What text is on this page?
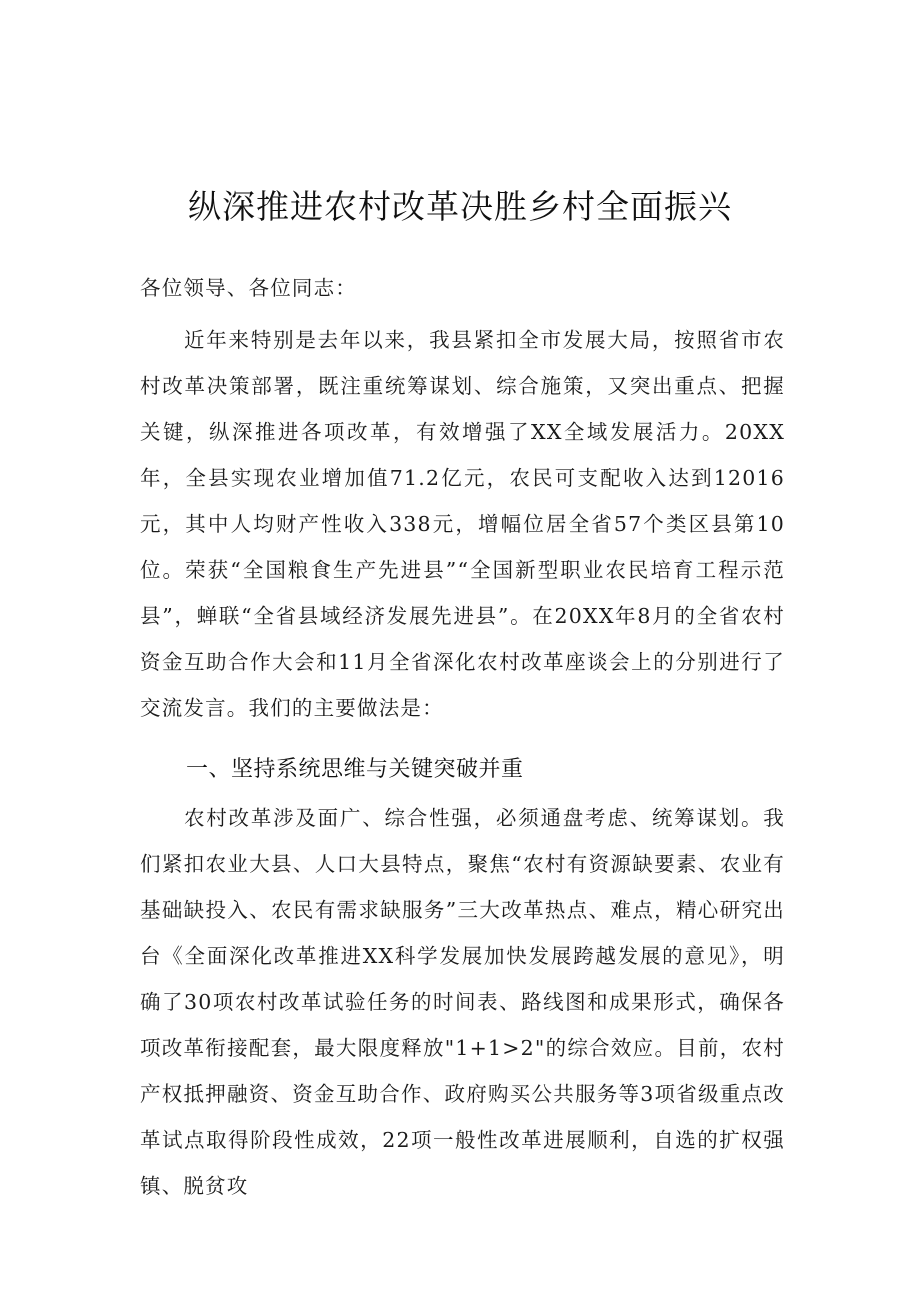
纵深推进农村改革决胜乡村全面振兴
各位领导、各位同志：
近年来特别是去年以来，我县紧扣全市发展大局，按照省市农村改革决策部署，既注重统筹谋划、综合施策，又突出重点、把握关键，纵深推进各项改革，有效增强了XX全域发展活力。20XX年，全县实现农业增加值71.2亿元，农民可支配收入达到12016元，其中人均财产性收入338元，增幅位居全省57个类区县第10位。荣获“全国粮食生产先进县”“全国新型职业农民培育工程示范县”，蝉联“全省县域经济发展先进县”。在20XX年8月的全省农村资金互助合作大会和11月全省深化农村改革座谈会上的分别进行了交流发言。我们的主要做法是：
一、坚持系统思维与关键突破并重
农村改革涉及面广、综合性强，必须通盘考虑、统筹谋划。我们紧扣农业大县、人口大县特点，聚焦“农村有资源缺要素、农业有基础缺投入、农民有需求缺服务”三大改革热点、难点，精心研究出台《全面深化改革推进XX科学发展加快发展跨越发展的意见》，明确了30项农村改革试验任务的时间表、路线图和成果形式，确保各项改革衔接配套，最大限度释放"1+1>2"的综合效应。目前，农村产权抵押融资、资金互助合作、政府购买公共服务等3项省级重点改革试点取得阶段性成效，22项一般性改革进展顺利，自选的扩权强镇、脱贫攻
